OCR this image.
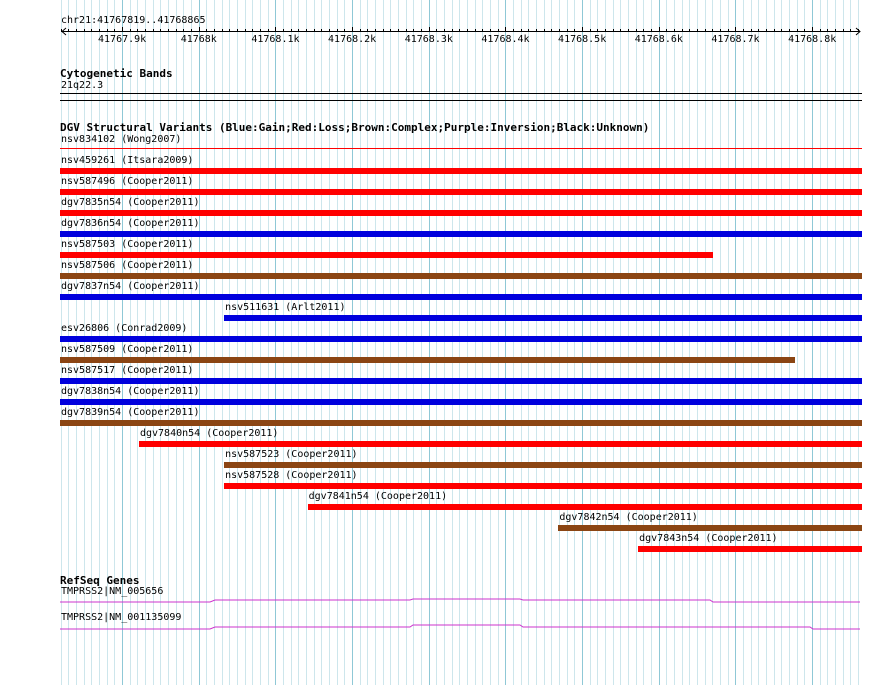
chr21:41767819..41768865
41767.9k	41768k	41768.1k	41768.2k	41768.3k	41768.4k	41768.5k	41768.6k	41768.7k	41768.8k
Cytogenetic Bands
21q22.3
DGV Structural Variants (Blue:Gain;Red:Loss;Brown:Complex;Purple:Inversion;Black:Unknown)
nsv834102 (Wong2007)
nsv459261 (Itsara2009)
nsv587496 (Cooper2011)
dgv7835n54 (Cooper2011)
dgv7836n54 (Cooper2011)
nsv587503 (Cooper2011)
nsv587506 (Cooper2011)
dgv7837n54 (Cooper2011)
nsv511631 (Arlt2011)
esv26806 (Conrad2009)
nsv587509 (Cooper2011)
nsv587517 (Cooper2011)
dgv7838n54 (Cooper2011)
dgv7839n54 (Cooper2011)
dgv7840n54 (Cooper2011)
nsv587523 (Cooper2011)
nsv587528 (Cooper2011)
dgv7841n54 (Cooper2011)
dgv7842n54 (Cooper2011)
dgv7843n54 (Cooper2011)
RefSeq Genes
TMPRSS2|NM_005656
TMPRSS2|NM_001135099
